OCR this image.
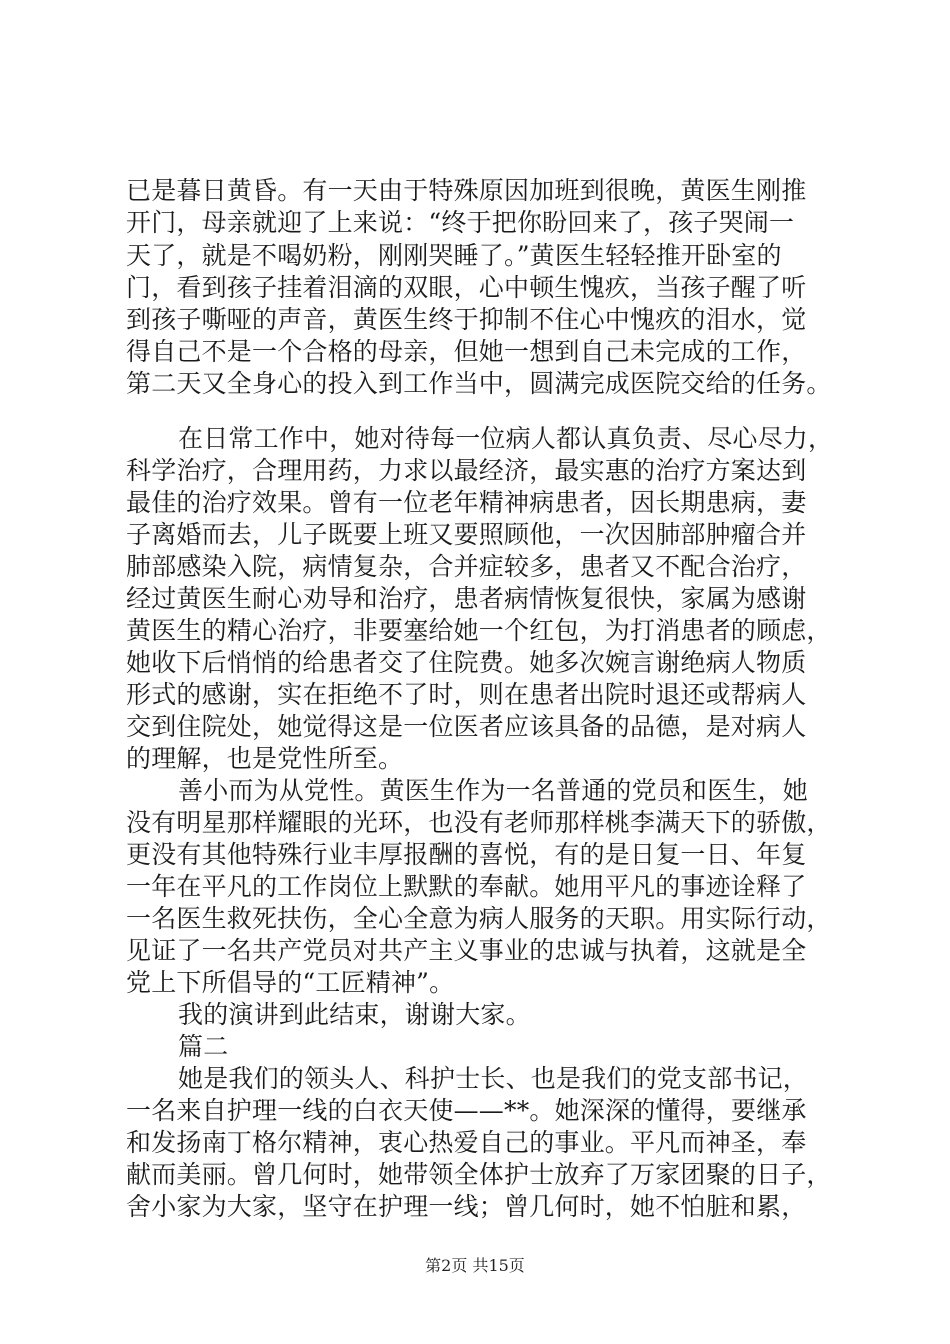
已是暮日黄昏。有一天由于特殊原因加班到很晚，黄医生刚推
开门，母亲就迎了上来说：“终于把你盼回来了，孩子哭闹一
天了，就是不喝奶粉，刚刚哭睡了。”黄医生轻轻推开卧室的
门，看到孩子挂着泪滴的双眼，心中顿生愧疚，当孩子醒了听
到孩子嘶哑的声音，黄医生终于抑制不住心中愧疚的泪水，觉
得自己不是一个合格的母亲，但她一想到自己未完成的工作，
第二天又全身心的投入到工作当中，圆满完成医院交给的任务。
在日常工作中，她对待每一位病人都认真负责、尽心尽力，
科学治疗，合理用药，力求以最经济，最实惠的治疗方案达到
最佳的治疗效果。曾有一位老年精神病患者，因长期患病，妻
子离婚而去，儿子既要上班又要照顾他，一次因肺部肿瘤合并
肺部感染入院，病情复杂，合并症较多，患者又不配合治疗，
经过黄医生耐心劝导和治疗，患者病情恢复很快，家属为感谢
黄医生的精心治疗，非要塞给她一个红包，为打消患者的顾虑，
她收下后悄悄的给患者交了住院费。她多次婉言谢绝病人物质
形式的感谢，实在拒绝不了时，则在患者出院时退还或帮病人
交到住院处，她觉得这是一位医者应该具备的品德，是对病人
的理解，也是党性所至。
善小而为从党性。黄医生作为一名普通的党员和医生，她
没有明星那样耀眼的光环，也没有老师那样桃李满天下的骄傲，
更没有其他特殊行业丰厚报酬的喜悦，有的是日复一日、年复
一年在平凡的工作岗位上默默的奉献。她用平凡的事迹诠释了
一名医生救死扶伤，全心全意为病人服务的天职。用实际行动，
见证了一名共产党员对共产主义事业的忠诚与执着，这就是全
党上下所倡导的“工匠精神”。
我的演讲到此结束，谢谢大家。
篇二
她是我们的领头人、科护士长、也是我们的党支部书记，
一名来自护理一线的白衣天使——**。她深深的懂得，要继承
和发扬南丁格尔精神，衷心热爱自己的事业。平凡而神圣，奉
献而美丽。曾几何时，她带领全体护士放弃了万家团聚的日子，
舍小家为大家，坚守在护理一线；曾几何时，她不怕脏和累，
第2页 共15页
